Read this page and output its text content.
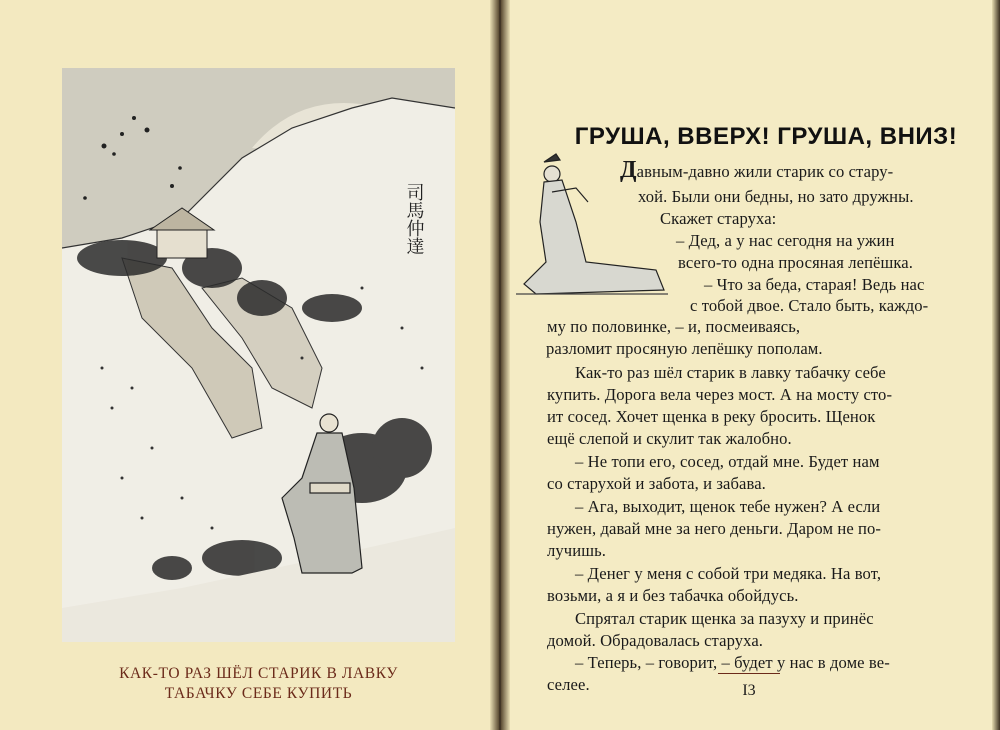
司馬仲達
КАК-ТО РАЗ ШЁЛ СТАРИК В ЛАВКУ
ТАБАЧКУ СЕБЕ КУПИТЬ
ГРУША, ВВЕРХ! ГРУША, ВНИЗ!
Давным-давно жили старик со стару-
хой. Были они бедны, но зато дружны.
Скажет старуха:
– Дед, а у нас сегодня на ужин
всего-то одна просяная лепёшка.
– Что за беда, старая! Ведь нас
с тобой двое. Стало быть, каждо-
му по половинке, – и, посмеиваясь,
разломит просяную лепёшку пополам.
Как-то раз шёл старик в лавку табачку себе
купить. Дорога вела через мост. А на мосту сто-
ит сосед. Хочет щенка в реку бросить. Щенок
ещё слепой и скулит так жалобно.
– Не топи его, сосед, отдай мне. Будет нам
со старухой и забота, и забава.
– Ага, выходит, щенок тебе нужен? А если
нужен, давай мне за него деньги. Даром не по-
лучишь.
– Денег у меня с собой три медяка. На вот,
возьми, а я и без табачка обойдусь.
Спрятал старик щенка за пазуху и принёс
домой. Обрадовалась старуха.
– Теперь, – говорит, – будет у нас в доме ве-
селее.	I3
